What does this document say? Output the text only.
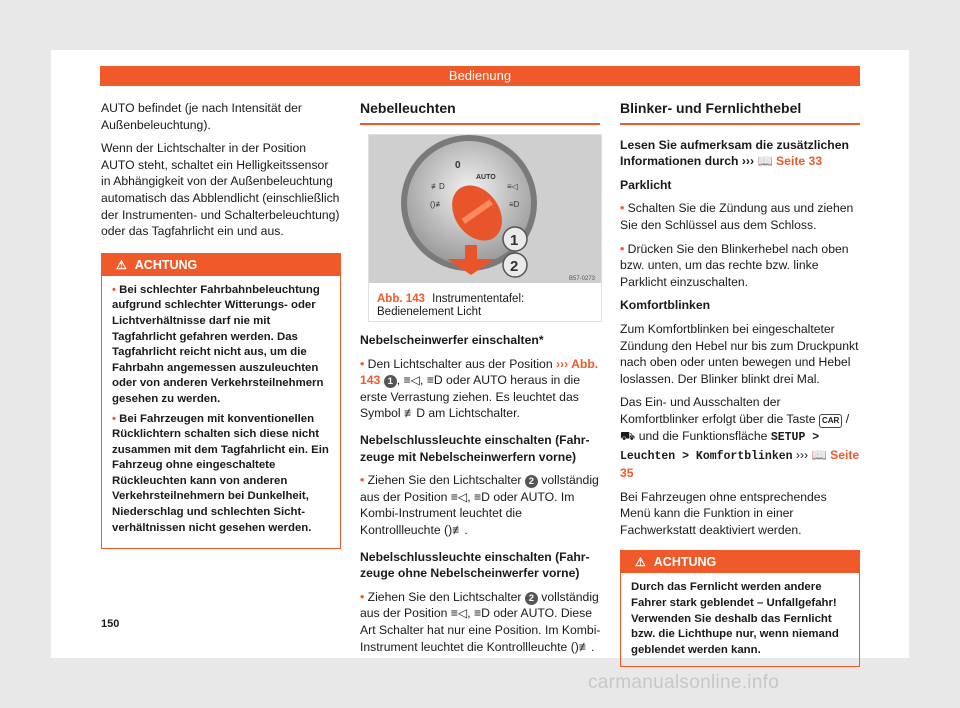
Bedienung

AUTO befindet (je nach Intensität der Außenbeleuchtung).

Wenn der Lichtschalter in der Position AUTO steht, schaltet ein Helligkeitssensor in Abhängigkeit von der Außenbeleuchtung automatisch das Abblendlicht (einschließlich der Instrumenten- und Schalterbeleuchtung) oder das Tagfahrlicht ein und aus.

⚠ ACHTUNG

• Bei schlechter Fahrbahnbeleuchtung aufgrund schlechter Witterungs- oder Lichtverhältnisse darf nie mit Tagfahrlicht gefahren werden. Das Tagfahrlicht reicht nicht aus, um die Fahrbahn angemessen auszuleuchten oder von anderen Verkehrsteilnehmern gesehen zu werden.

• Bei Fahrzeugen mit konventionellen Rücklichtern schalten sich diese nicht zusammen mit dem Tagfahrlicht ein. Ein Fahrzeug ohne eingeschaltete Rückleuchten kann von anderen Verkehrsteilnehmern bei Dunkelheit, Niederschlag und schlechten Sichtverhältnissen nicht gesehen werden.

Nebelleuchten
0
AUTO
≢D
()≢
≡◁
≡D
1
2
B57-0273
Abb. 143 Instrumententafel: Bedienelement Licht

Nebelscheinwerfer einschalten*

• Den Lichtschalter aus der Position ››› Abb. 143 1 , ≡◁, ≡D oder AUTO heraus in die erste Verrastung ziehen. Es leuchtet das Symbol ≢D am Lichtschalter.

Nebelschlussleuchte einschalten (Fahrzeuge mit Nebelscheinwerfern vorne)

• Ziehen Sie den Lichtschalter 2 vollständig aus der Position ≡◁, ≡D oder AUTO. Im Kombi-Instrument leuchtet die Kontrollleuchte ()≢.

Nebelschlussleuchte einschalten (Fahrzeuge ohne Nebelscheinwerfer vorne)

• Ziehen Sie den Lichtschalter 2 vollständig aus der Position ≡◁, ≡D oder AUTO. Diese Art Schalter hat nur eine Position. Im Kombi-Instrument leuchtet die Kontrollleuchte ()≢.

Blinker- und Fernlichthebel

Lesen Sie aufmerksam die zusätzlichen Informationen durch ››› 📖 Seite 33

Parklicht

• Schalten Sie die Zündung aus und ziehen Sie den Schlüssel aus dem Schloss.

• Drücken Sie den Blinkerhebel nach oben bzw. unten, um das rechte bzw. linke Parklicht einzuschalten.

Komfortblinken

Zum Komfortblinken bei eingeschalteter Zündung den Hebel nur bis zum Druckpunkt nach oben oder unten bewegen und Hebel loslassen. Der Blinker blinkt drei Mal.

Das Ein- und Ausschalten der Komfortblinker erfolgt über die Taste CAR / ⛟ und die Funktionsfläche SETUP > Leuchten > Komfortblinken ››› 📖 Seite 35

Bei Fahrzeugen ohne entsprechendes Menü kann die Funktion in einer Fachwerkstatt deaktiviert werden.

⚠ ACHTUNG
Durch das Fernlicht werden andere Fahrer stark geblendet – Unfallgefahr! Verwenden Sie deshalb das Fernlicht bzw. die Lichthupe nur, wenn niemand geblendet werden kann.
150
carmanualsonline.info
